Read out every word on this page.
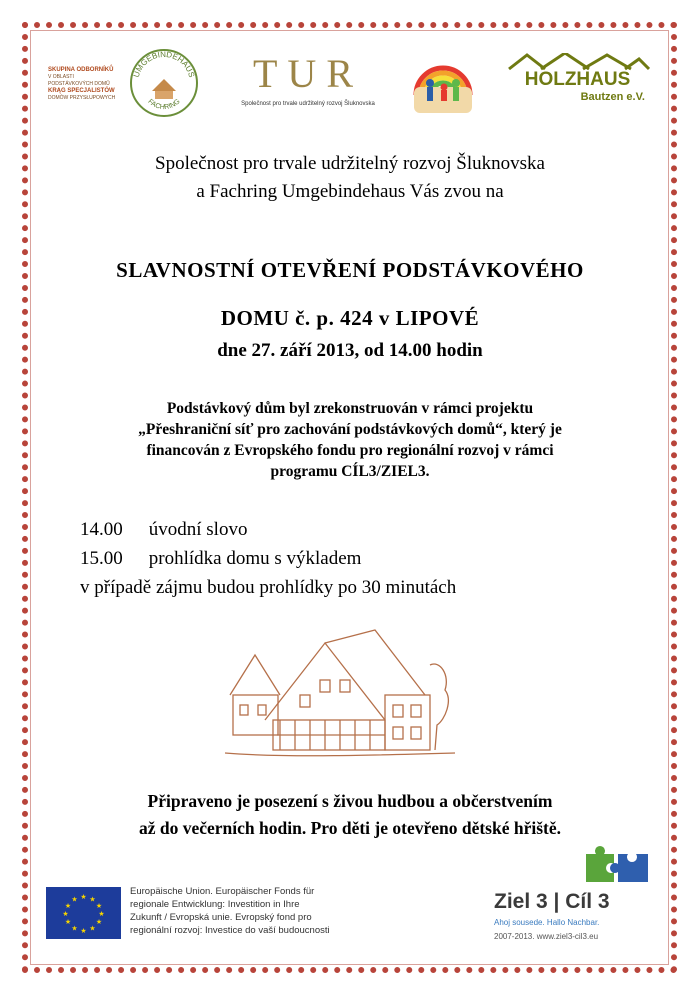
SKUPINA ODBORNÍKŮ
V OBLASTI PODSTÁVKOVÝCH DOMŮ
KRĄG SPECJALISTÓW
DOMÓW PRZYSŁUPOWYCH
UMGEBINDEHAUS
FACHRING
TUR
Společnost pro trvale udržitelný rozvoj Šluknovska
HOLZHAUS
Bautzen e.V.
Společnost pro trvale udržitelný rozvoj Šluknovska
a Fachring Umgebindehaus Vás zvou na
SLAVNOSTNÍ OTEVŘENÍ PODSTÁVKOVÉHO
DOMU č. p. 424 v LIPOVÉ
dne 27. září 2013, od 14.00 hodin
Podstávkový dům byl zrekonstruován v rámci projektu
„Přeshraniční síť pro zachování podstávkových domů“, který je
financován z Evropského fondu pro regionální rozvoj v rámci
programu CÍL3/ZIEL3.
14.00 úvodní slovo
15.00 prohlídka domu s výkladem
v případě zájmu budou prohlídky po 30 minutách
Připraveno je posezení s živou hudbou a občerstvením
až do večerních hodin. Pro děti je otevřeno dětské hřiště.
★ ★
★
★
★
★
★
★
★
★
★
★
Europäische Union. Europäischer Fonds für
regionale Entwicklung: Investition in Ihre
Zukunft / Evropská unie. Evropský fond pro
regionální rozvoj: Investice do vaší budoucnosti
Ziel 3 | Cíl 3
Ahoj sousede. Hallo Nachbar.
2007-2013. www.ziel3-cil3.eu
